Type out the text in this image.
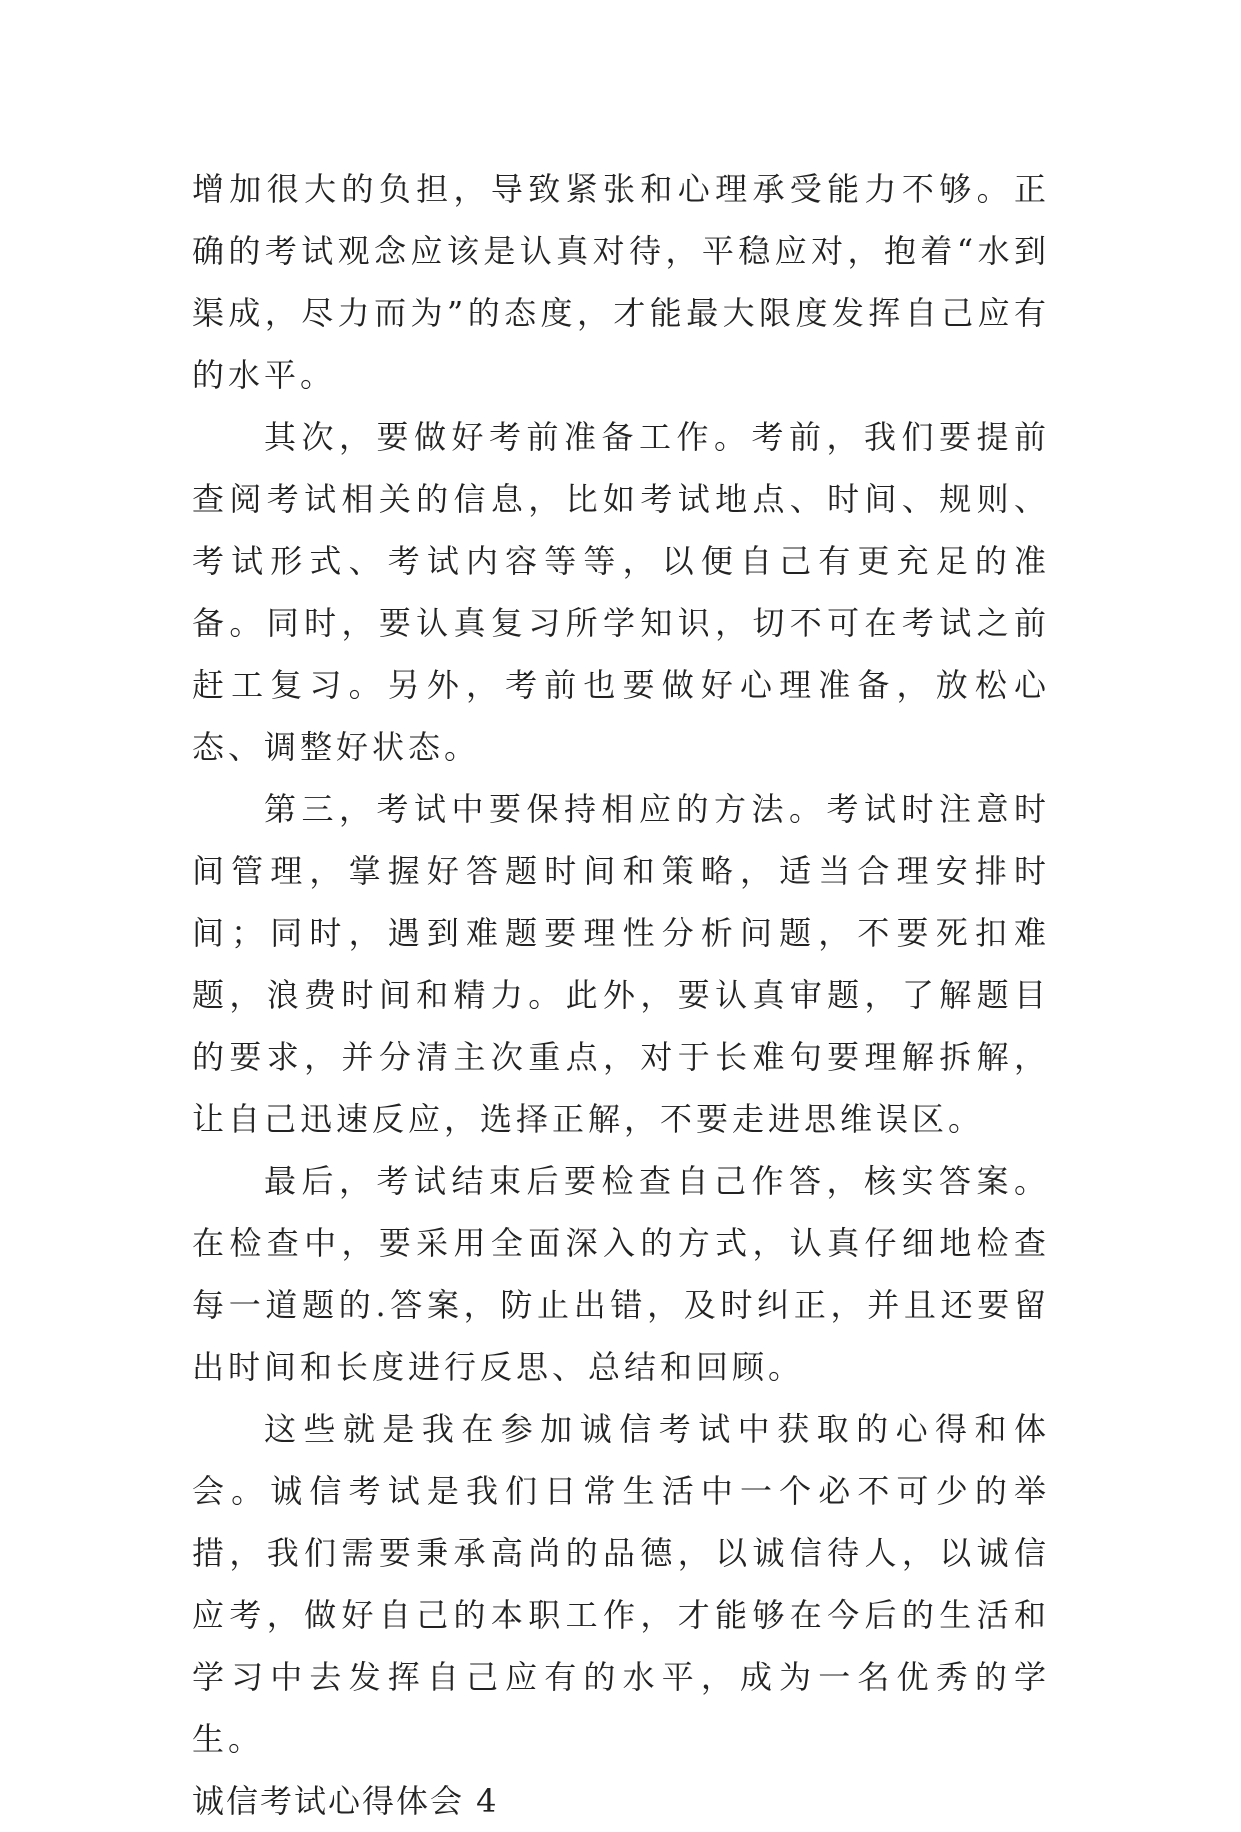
增加很大的负担，导致紧张和心理承受能力不够。正确的考试观念应该是认真对待，平稳应对，抱着“水到渠成，尽力而为”的态度，才能最大限度发挥自己应有的水平。

其次，要做好考前准备工作。考前，我们要提前查阅考试相关的信息，比如考试地点、时间、规则、考试形式、考试内容等等，以便自己有更充足的准备。同时，要认真复习所学知识，切不可在考试之前赶工复习。另外，考前也要做好心理准备，放松心态、调整好状态。

第三，考试中要保持相应的方法。考试时注意时间管理，掌握好答题时间和策略，适当合理安排时间；同时，遇到难题要理性分析问题，不要死扣难题，浪费时间和精力。此外，要认真审题，了解题目的要求，并分清主次重点，对于长难句要理解拆解，让自己迅速反应，选择正解，不要走进思维误区。

最后，考试结束后要检查自己作答，核实答案。在检查中，要采用全面深入的方式，认真仔细地检查每一道题的.答案，防止出错，及时纠正，并且还要留出时间和长度进行反思、总结和回顾。

这些就是我在参加诚信考试中获取的心得和体会。诚信考试是我们日常生活中一个必不可少的举措，我们需要秉承高尚的品德，以诚信待人，以诚信应考，做好自己的本职工作，才能够在今后的生活和学习中去发挥自己应有的水平，成为一名优秀的学生。

诚信考试心得体会 4
